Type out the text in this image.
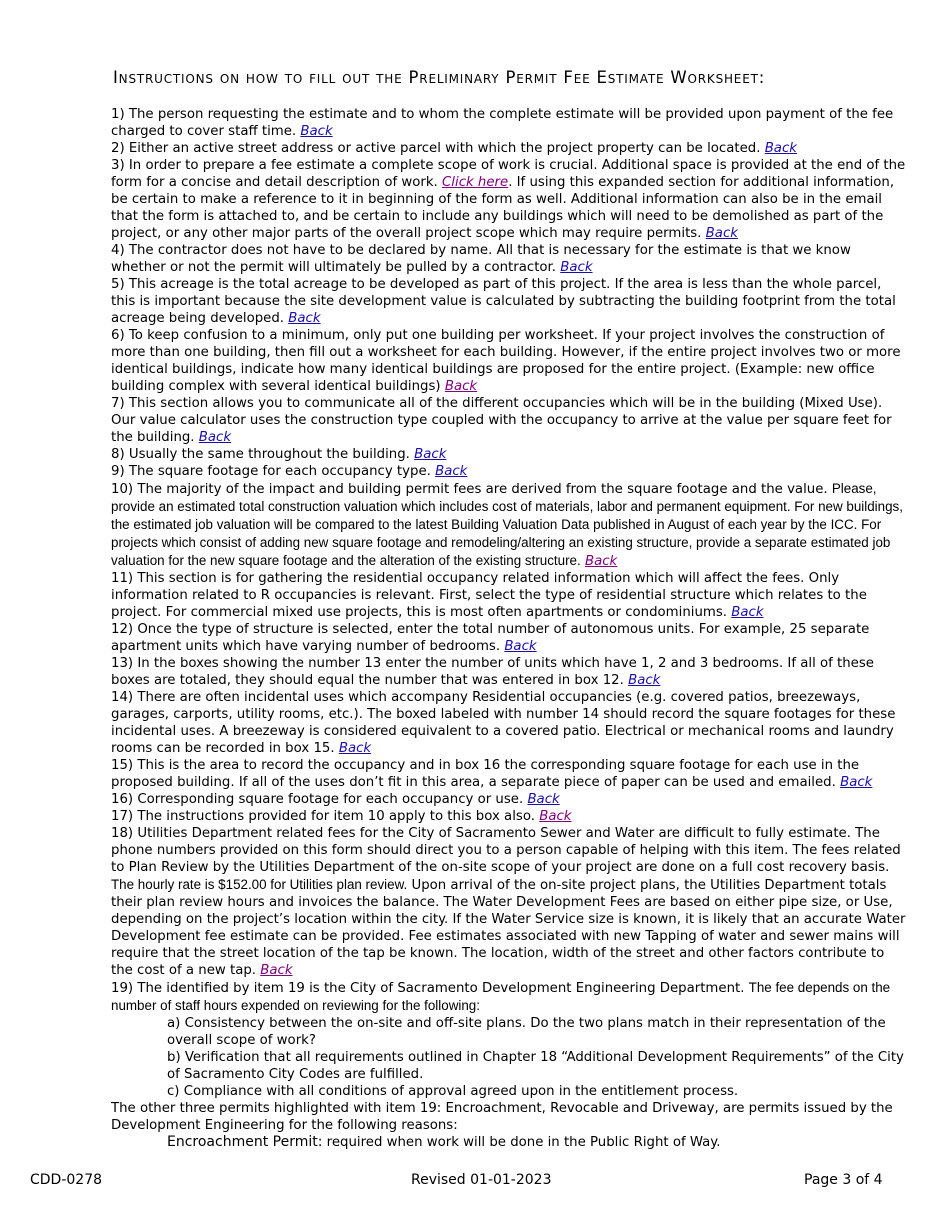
Instructions on how to fill out the Preliminary Permit Fee Estimate Worksheet:

1) The person requesting the estimate and to whom the complete estimate will be provided upon payment of the fee charged to cover staff time. Back

2) Either an active street address or active parcel with which the project property can be located. Back

3) In order to prepare a fee estimate a complete scope of work is crucial. Additional space is provided at the end of the form for a concise and detail description of work. Click here. If using this expanded section for additional information, be certain to make a reference to it in beginning of the form as well. Additional information can also be in the email that the form is attached to, and be certain to include any buildings which will need to be demolished as part of the project, or any other major parts of the overall project scope which may require permits. Back

4) The contractor does not have to be declared by name. All that is necessary for the estimate is that we know whether or not the permit will ultimately be pulled by a contractor. Back

5) This acreage is the total acreage to be developed as part of this project. If the area is less than the whole parcel, this is important because the site development value is calculated by subtracting the building footprint from the total acreage being developed. Back

6) To keep confusion to a minimum, only put one building per worksheet. If your project involves the construction of more than one building, then fill out a worksheet for each building. However, if the entire project involves two or more identical buildings, indicate how many identical buildings are proposed for the entire project. (Example: new office building complex with several identical buildings) Back

7) This section allows you to communicate all of the different occupancies which will be in the building (Mixed Use). Our value calculator uses the construction type coupled with the occupancy to arrive at the value per square feet for the building. Back

8) Usually the same throughout the building. Back

9) The square footage for each occupancy type. Back

10) The majority of the impact and building permit fees are derived from the square footage and the value. Please, provide an estimated total construction valuation which includes cost of materials, labor and permanent equipment. For new buildings, the estimated job valuation will be compared to the latest Building Valuation Data published in August of each year by the ICC. For projects which consist of adding new square footage and remodeling/altering an existing structure, provide a separate estimated job valuation for the new square footage and the alteration of the existing structure. Back

11) This section is for gathering the residential occupancy related information which will affect the fees. Only information related to R occupancies is relevant. First, select the type of residential structure which relates to the project. For commercial mixed use projects, this is most often apartments or condominiums. Back

12) Once the type of structure is selected, enter the total number of autonomous units. For example, 25 separate apartment units which have varying number of bedrooms. Back

13) In the boxes showing the number 13 enter the number of units which have 1, 2 and 3 bedrooms. If all of these boxes are totaled, they should equal the number that was entered in box 12. Back

14) There are often incidental uses which accompany Residential occupancies (e.g. covered patios, breezeways, garages, carports, utility rooms, etc.). The boxed labeled with number 14 should record the square footages for these incidental uses. A breezeway is considered equivalent to a covered patio. Electrical or mechanical rooms and laundry rooms can be recorded in box 15. Back

15) This is the area to record the occupancy and in box 16 the corresponding square footage for each use in the proposed building. If all of the uses don’t fit in this area, a separate piece of paper can be used and emailed. Back

16) Corresponding square footage for each occupancy or use. Back

17) The instructions provided for item 10 apply to this box also. Back

18) Utilities Department related fees for the City of Sacramento Sewer and Water are difficult to fully estimate. The phone numbers provided on this form should direct you to a person capable of helping with this item. The fees related to Plan Review by the Utilities Department of the on-site scope of your project are done on a full cost recovery basis. The hourly rate is $152.00 for Utilities plan review. Upon arrival of the on-site project plans, the Utilities Department totals their plan review hours and invoices the balance. The Water Development Fees are based on either pipe size, or Use, depending on the project’s location within the city. If the Water Service size is known, it is likely that an accurate Water Development fee estimate can be provided. Fee estimates associated with new Tapping of water and sewer mains will require that the street location of the tap be known. The location, width of the street and other factors contribute to the cost of a new tap. Back

19) The identified by item 19 is the City of Sacramento Development Engineering Department. The fee depends on the number of staff hours expended on reviewing for the following:

a) Consistency between the on-site and off-site plans. Do the two plans match in their representation of the overall scope of work?

b) Verification that all requirements outlined in Chapter 18 “Additional Development Requirements” of the City of Sacramento City Codes are fulfilled.

c) Compliance with all conditions of approval agreed upon in the entitlement process.

The other three permits highlighted with item 19: Encroachment, Revocable and Driveway, are permits issued by the Development Engineering for the following reasons:

Encroachment Permit: required when work will be done in the Public Right of Way.

CDD-0278	Revised 01-01-2023	Page 3 of 4
